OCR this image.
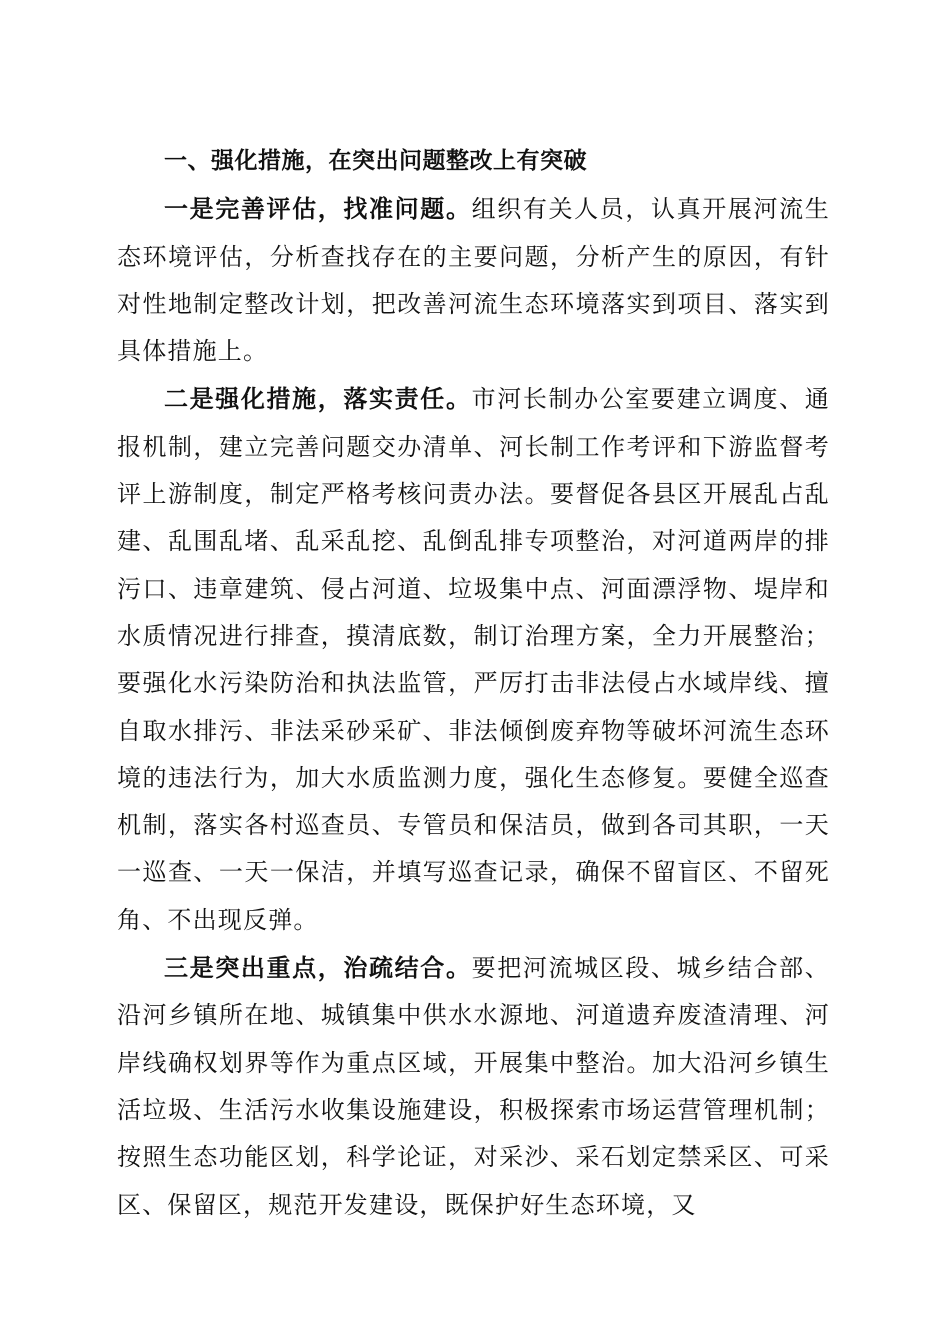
一、强化措施，在突出问题整改上有突破

一是完善评估，找准问题。组织有关人员，认真开展河流生态环境评估，分析查找存在的主要问题，分析产生的原因，有针对性地制定整改计划，把改善河流生态环境落实到项目、落实到具体措施上。

二是强化措施，落实责任。市河长制办公室要建立调度、通报机制，建立完善问题交办清单、河长制工作考评和下游监督考评上游制度，制定严格考核问责办法。要督促各县区开展乱占乱建、乱围乱堵、乱采乱挖、乱倒乱排专项整治，对河道两岸的排污口、违章建筑、侵占河道、垃圾集中点、河面漂浮物、堤岸和水质情况进行排查，摸清底数，制订治理方案，全力开展整治；要强化水污染防治和执法监管，严厉打击非法侵占水域岸线、擅自取水排污、非法采砂采矿、非法倾倒废弃物等破坏河流生态环境的违法行为，加大水质监测力度，强化生态修复。要健全巡查机制，落实各村巡查员、专管员和保洁员，做到各司其职，一天一巡查、一天一保洁，并填写巡查记录，确保不留盲区、不留死角、不出现反弹。

三是突出重点，治疏结合。要把河流城区段、城乡结合部、沿河乡镇所在地、城镇集中供水水源地、河道遗弃废渣清理、河岸线确权划界等作为重点区域，开展集中整治。加大沿河乡镇生活垃圾、生活污水收集设施建设，积极探索市场运营管理机制；按照生态功能区划，科学论证，对采沙、采石划定禁采区、可采区、保留区，规范开发建设，既保护好生态环境，又
